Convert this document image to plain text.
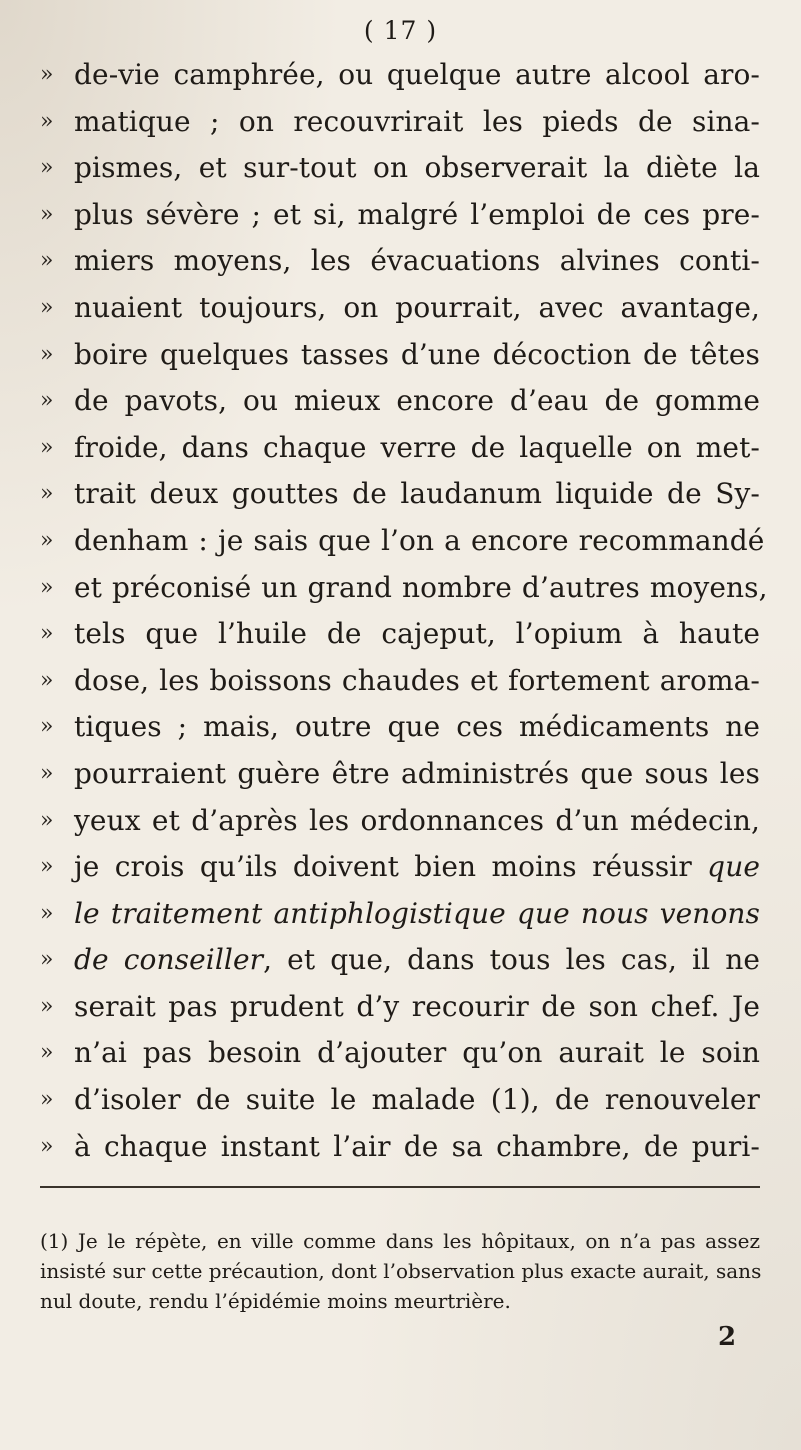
( 17 )
» de-vie camphrée, ou quelque autre alcool aro-
» matique ; on recouvrirait les pieds de sina-
» pismes, et sur-tout on observerait la diète la
» plus sévère ; et si, malgré l’emploi de ces pre-
» miers moyens, les évacuations alvines conti-
» nuaient toujours, on pourrait, avec avantage,
» boire quelques tasses d’une décoction de têtes
» de pavots, ou mieux encore d’eau de gomme
» froide, dans chaque verre de laquelle on met-
» trait deux gouttes de laudanum liquide de Sy-
» denham : je sais que l’on a encore recommandé
» et préconisé un grand nombre d’autres moyens,
» tels que l’huile de cajeput, l’opium à haute
» dose, les boissons chaudes et fortement aroma-
» tiques ; mais, outre que ces médicaments ne
» pourraient guère être administrés que sous les
» yeux et d’après les ordonnances d’un médecin,
» je crois qu’ils doivent bien moins réussir que
» le traitement antiphlogistique que nous venons
» de conseiller, et que, dans tous les cas, il ne
» serait pas prudent d’y recourir de son chef. Je
» n’ai pas besoin d’ajouter qu’on aurait le soin
» d’isoler de suite le malade (1), de renouveler
» à chaque instant l’air de sa chambre, de puri-
(1) Je le répète, en ville comme dans les hôpitaux, on n’a pas assez
insisté sur cette précaution, dont l’observation plus exacte aurait, sans
nul doute, rendu l’épidémie moins meurtrière.
2
